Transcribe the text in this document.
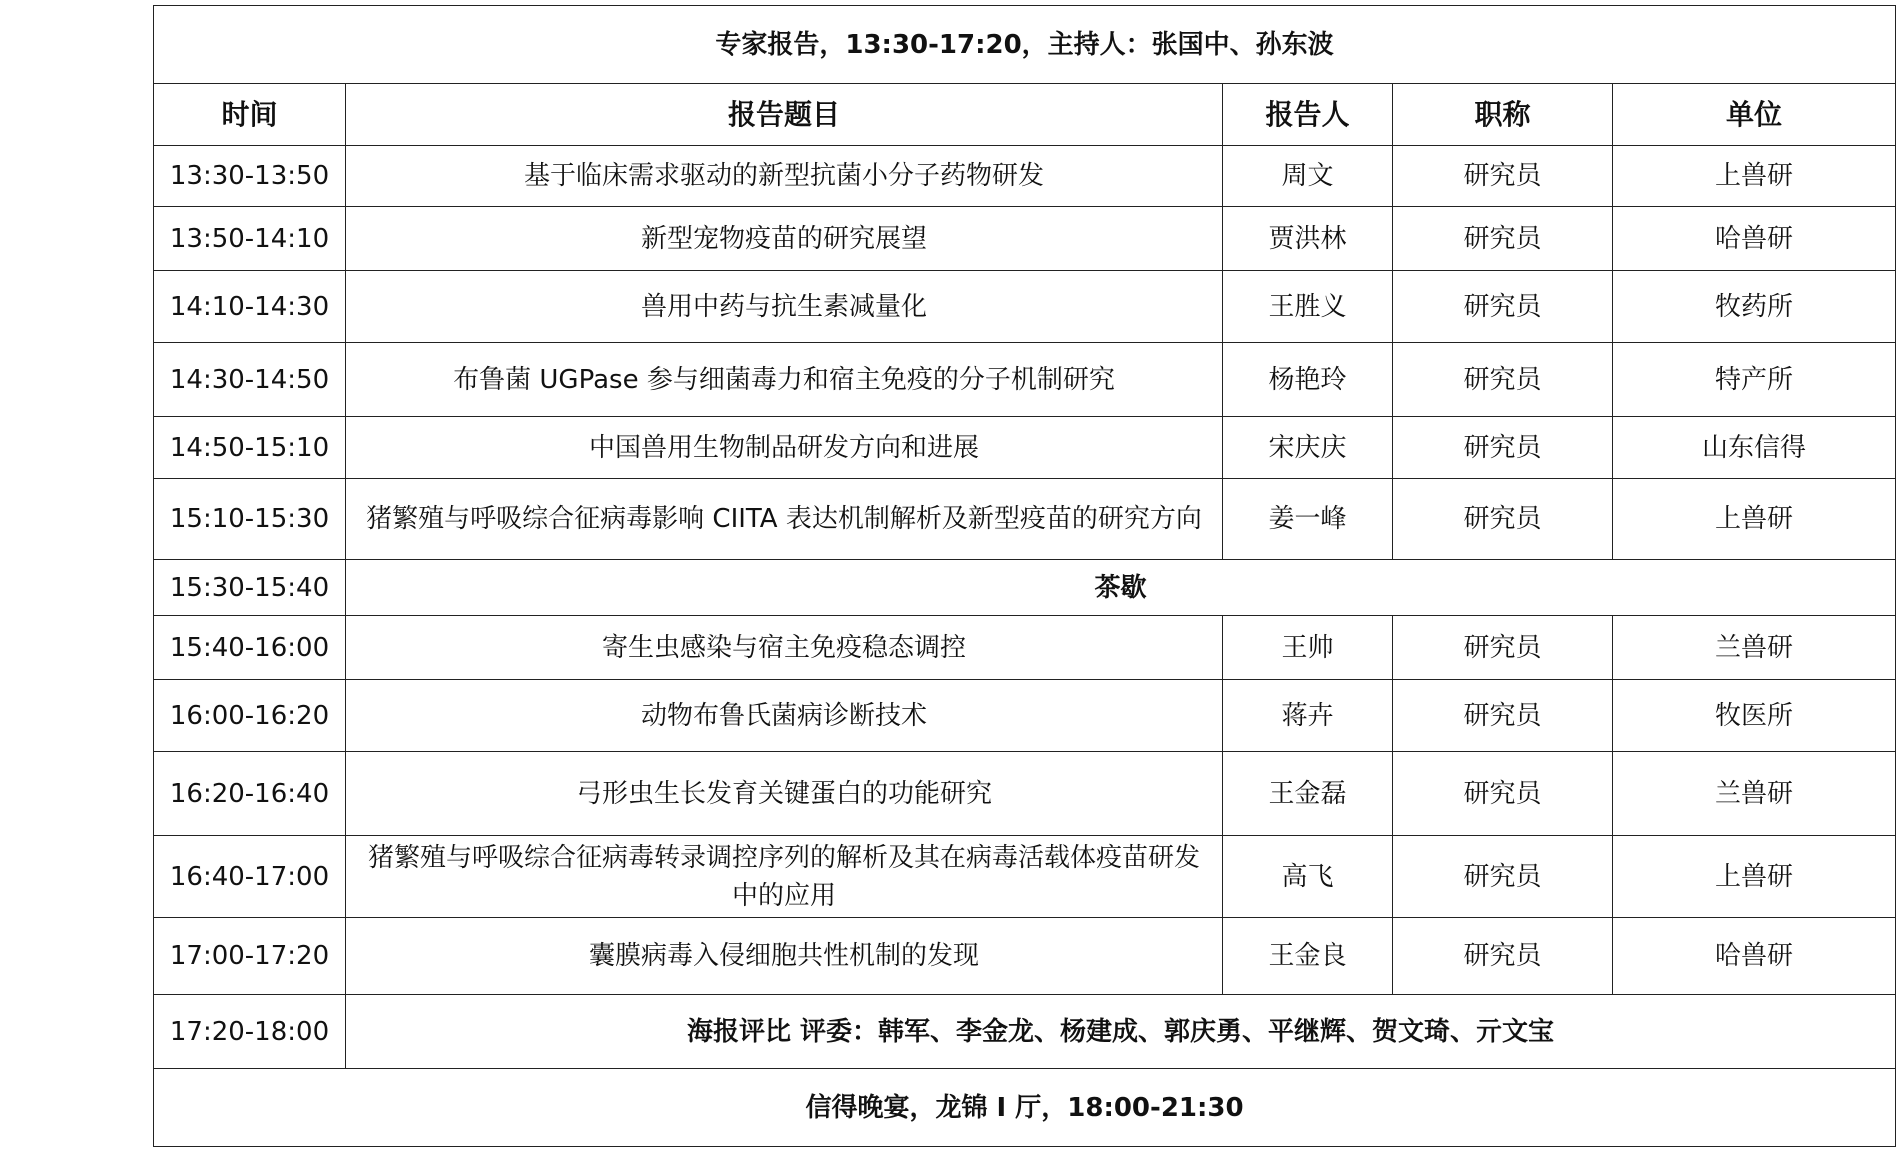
专家报告，13:30-17:20，主持人：张国中、孙东波				
时间	报告题目	报告人	职称	单位
13:30-13:50	基于临床需求驱动的新型抗菌小分子药物研发	周文	研究员	上兽研
13:50-14:10	新型宠物疫苗的研究展望	贾洪林	研究员	哈兽研
14:10-14:30	兽用中药与抗生素减量化	王胜义	研究员	牧药所
14:30-14:50	布鲁菌 UGPase 参与细菌毒力和宿主免疫的分子机制研究	杨艳玲	研究员	特产所
14:50-15:10	中国兽用生物制品研发方向和进展	宋庆庆	研究员	山东信得
15:10-15:30	猪繁殖与呼吸综合征病毒影响 CIITA 表达机制解析及新型疫苗的研究方向	姜一峰	研究员	上兽研
15:30-15:40	茶歇			
15:40-16:00	寄生虫感染与宿主免疫稳态调控	王帅	研究员	兰兽研
16:00-16:20	动物布鲁氏菌病诊断技术	蒋卉	研究员	牧医所
16:20-16:40	弓形虫生长发育关键蛋白的功能研究	王金磊	研究员	兰兽研
16:40-17:00	猪繁殖与呼吸综合征病毒转录调控序列的解析及其在病毒活载体疫苗研发中的应用	高飞	研究员	上兽研
17:00-17:20	囊膜病毒入侵细胞共性机制的发现	王金良	研究员	哈兽研
17:20-18:00	海报评比 评委：韩军、李金龙、杨建成、郭庆勇、平继辉、贺文琦、亓文宝			
信得晚宴，龙锦 I 厅，18:00-21:30				
